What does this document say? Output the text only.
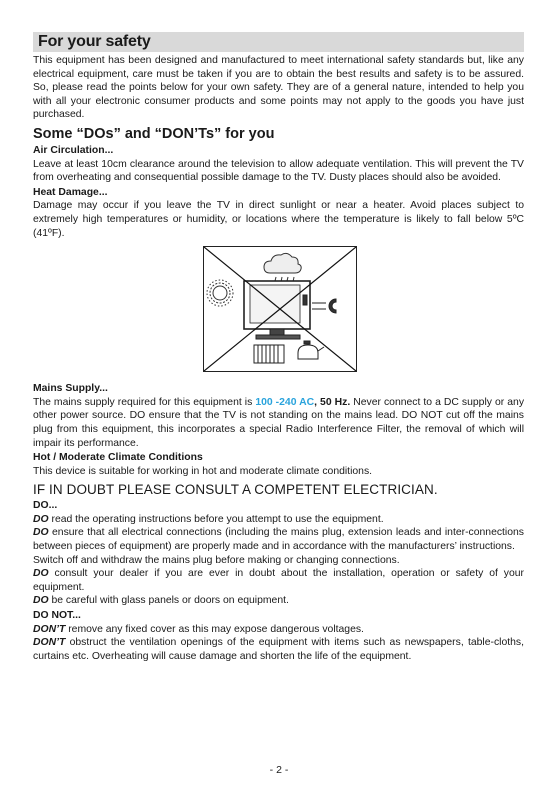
For your safety

This equipment has been designed and manufactured to meet international safety standards but, like any electrical equipment, care must be taken if you are to obtain the best results and safety is to be assured. So, please read the points below for your own safety. They are of a general nature, intended to help you with all your electronic consumer products and some points may not apply to the goods you have just purchased.

Some “DOs” and “DON’Ts” for you
Air Circulation...

Leave at least 10cm clearance around the television to allow adequate ventilation. This will prevent the TV from overheating and consequential possible damage to the TV. Dusty places should also be avoided.

Heat Damage...

Damage may occur if you leave the TV in direct sunlight or near a heater. Avoid places subject to extremely high temperatures or humidity, or locations where the temperature is likely to fall below 5ºC (41ºF).

Mains Supply...

The mains supply required for this equipment is 100 -240 AC, 50 Hz. Never connect to a DC supply or any other power source. DO ensure that the TV is not standing on the mains lead. DO NOT cut off the mains plug from this equipment, this incorporates a special Radio Interference Filter, the removal of which will impair its performance.

Hot / Moderate Climate Conditions

This device is suitable for working in hot and moderate climate conditions.

IF IN DOUBT PLEASE CONSULT A COMPETENT ELECTRICIAN.
DO...

DO read the operating instructions before you attempt to use the equipment.

DO ensure that all electrical connections (including the mains plug, extension leads and inter-connections between pieces of equipment) are properly made and in accordance with the manufacturers’ instructions.

Switch off and withdraw the mains plug before making or changing connections.

DO consult your dealer if you are ever in doubt about the installation, operation or safety of your equipment.

DO be careful with glass panels or doors on equipment.

DO NOT...

DON’T remove any fixed cover as this may expose dangerous voltages.

DON’T obstruct the ventilation openings of the equipment with items such as newspapers, table-cloths, curtains etc. Overheating will cause damage and shorten the life of the equipment.

- 2 -
